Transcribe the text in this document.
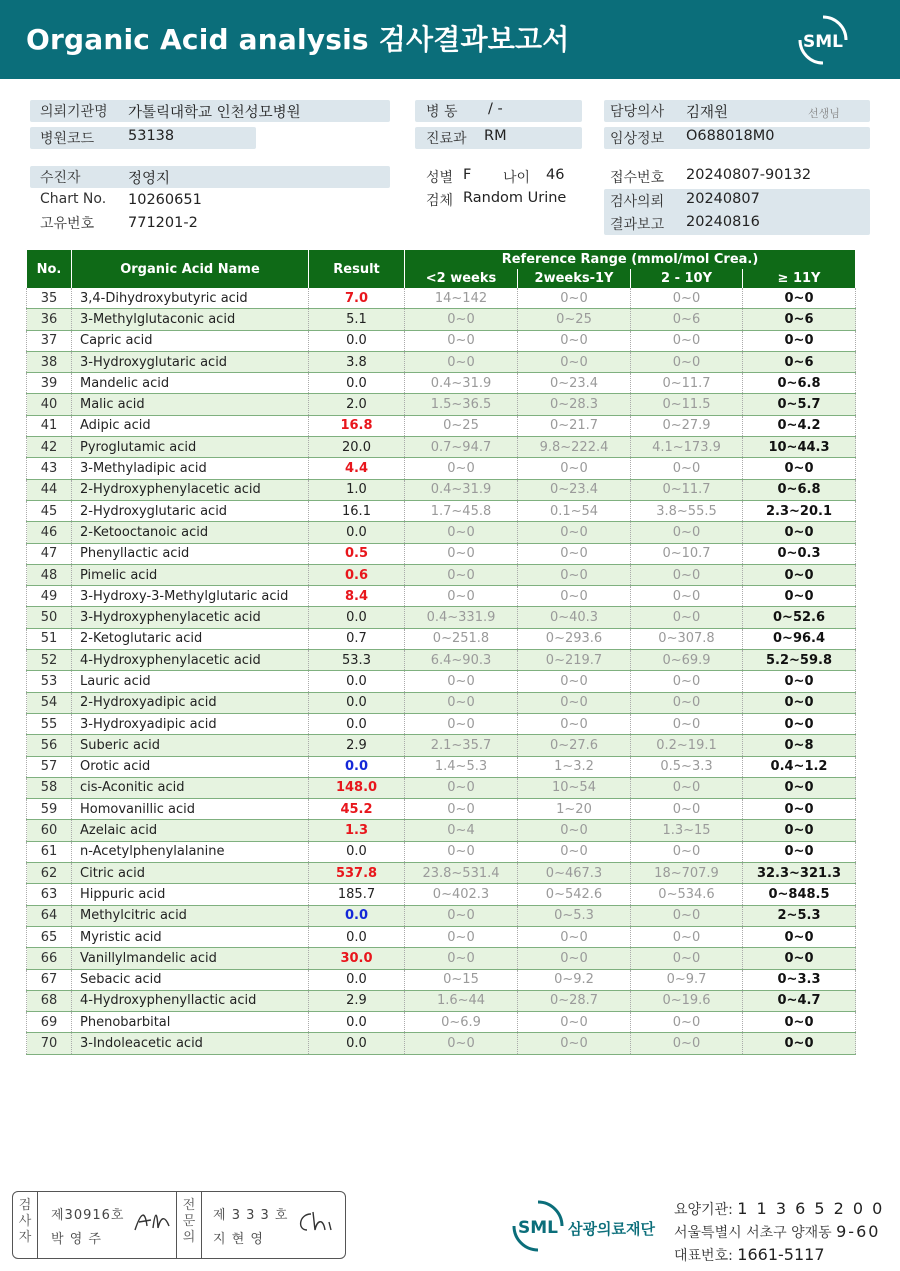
Organic Acid analysis 검사결과보고서	SML
의뢰기관명 가톨릭대학교 인천성모병원
병원코드 53138
병 동 / -
진료과 RM
담당의사 김재원	선생님
임상정보 O688018M0
수진자	정영지
Chart No. 10260651
고유번호 771201-2
성별 F 나이 46
검체 Random Urine
접수번호 20240807-90132
검사의뢰 20240807
결과보고 20240816
No.	Organic Acid Name	Result	Reference Range (mmol/mol Crea.)			
			<2 weeks	2weeks-1Y	2 - 10Y	≥ 11Y
35	3,4-Dihydroxybutyric acid	7.0	14~142	0~0	0~0	0~0
36	3-Methylglutaconic acid	5.1	0~0	0~25	0~6	0~6
37	Capric acid	0.0	0~0	0~0	0~0	0~0
38	3-Hydroxyglutaric acid	3.8	0~0	0~0	0~0	0~6
39	Mandelic acid	0.0	0.4~31.9	0~23.4	0~11.7	0~6.8
40	Malic acid	2.0	1.5~36.5	0~28.3	0~11.5	0~5.7
41	Adipic acid	16.8	0~25	0~21.7	0~27.9	0~4.2
42	Pyroglutamic acid	20.0	0.7~94.7	9.8~222.4	4.1~173.9	10~44.3
43	3-Methyladipic acid	4.4	0~0	0~0	0~0	0~0
44	2-Hydroxyphenylacetic acid	1.0	0.4~31.9	0~23.4	0~11.7	0~6.8
45	2-Hydroxyglutaric acid	16.1	1.7~45.8	0.1~54	3.8~55.5	2.3~20.1
46	2-Ketooctanoic acid	0.0	0~0	0~0	0~0	0~0
47	Phenyllactic acid	0.5	0~0	0~0	0~10.7	0~0.3
48	Pimelic acid	0.6	0~0	0~0	0~0	0~0
49	3-Hydroxy-3-Methylglutaric acid	8.4	0~0	0~0	0~0	0~0
50	3-Hydroxyphenylacetic acid	0.0	0.4~331.9	0~40.3	0~0	0~52.6
51	2-Ketoglutaric acid	0.7	0~251.8	0~293.6	0~307.8	0~96.4
52	4-Hydroxyphenylacetic acid	53.3	6.4~90.3	0~219.7	0~69.9	5.2~59.8
53	Lauric acid	0.0	0~0	0~0	0~0	0~0
54	2-Hydroxyadipic acid	0.0	0~0	0~0	0~0	0~0
55	3-Hydroxyadipic acid	0.0	0~0	0~0	0~0	0~0
56	Suberic acid	2.9	2.1~35.7	0~27.6	0.2~19.1	0~8
57	Orotic acid	0.0	1.4~5.3	1~3.2	0.5~3.3	0.4~1.2
58	cis-Aconitic acid	148.0	0~0	10~54	0~0	0~0
59	Homovanillic acid	45.2	0~0	1~20	0~0	0~0
60	Azelaic acid	1.3	0~4	0~0	1.3~15	0~0
61	n-Acetylphenylalanine	0.0	0~0	0~0	0~0	0~0
62	Citric acid	537.8	23.8~531.4	0~467.3	18~707.9	32.3~321.3
63	Hippuric acid	185.7	0~402.3	0~542.6	0~534.6	0~848.5
64	Methylcitric acid	0.0	0~0	0~5.3	0~0	2~5.3
65	Myristic acid	0.0	0~0	0~0	0~0	0~0
66	Vanillylmandelic acid	30.0	0~0	0~0	0~0	0~0
67	Sebacic acid	0.0	0~15	0~9.2	0~9.7	0~3.3
68	4-Hydroxyphenyllactic acid	2.9	1.6~44	0~28.7	0~19.6	0~4.7
69	Phenobarbital	0.0	0~6.9	0~0	0~0	0~0
70	3-Indoleacetic acid	0.0	0~0	0~0	0~0	0~0
검사자
제30916호
박 영 주
전문의
제 3 3 3 호
지 현 영
SML 삼광의료재단
요양기관: 1 1 3 6 5 2 0 0
서울특별시 서초구 양재동 9-60
대표번호: 1661-5117
